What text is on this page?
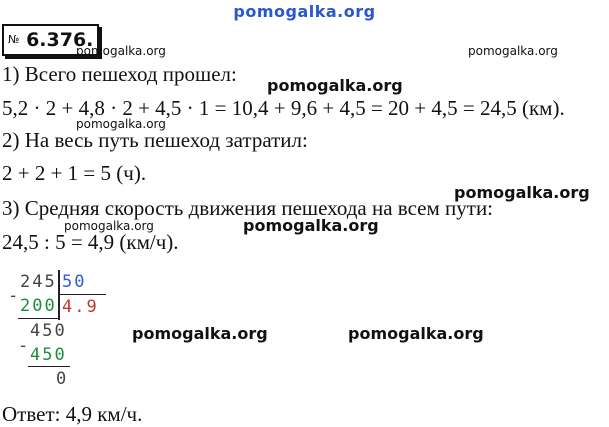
pomogalka.org
№ 6.376.
pomogalka.org	pomogalka.org
pomogalka.org
pomogalka.org
pomogalka.org
pomogalka.org	pomogalka.org
pomogalka.org	pomogalka.org
1) Всего пешеход прошел:
5,2 · 2 + 4,8 · 2 + 4,5 · 1 = 10,4 + 9,6 + 4,5 = 20 + 4,5 = 24,5 (км).
2) На весь путь пешеход затратил:
2 + 2 + 1 = 5 (ч).
3) Средняя скорость движения пешехода на всем пути:
24,5 : 5 = 4,9 (км/ч).
245 50
- 200 4.9
450
- 450
0
Ответ: 4,9 км/ч.
